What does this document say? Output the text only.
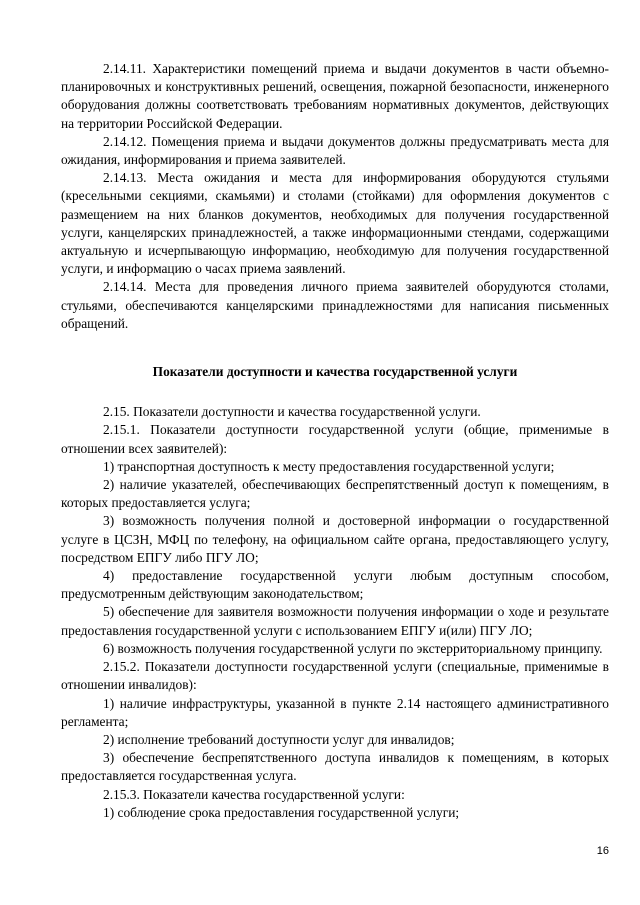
2.14.11. Характеристики помещений приема и выдачи документов в части объемно-планировочных и конструктивных решений, освещения, пожарной безопасности, инженерного оборудования должны соответствовать требованиям нормативных документов, действующих на территории Российской Федерации.

2.14.12. Помещения приема и выдачи документов должны предусматривать места для ожидания, информирования и приема заявителей.

2.14.13. Места ожидания и места для информирования оборудуются стульями (кресельными секциями, скамьями) и столами (стойками) для оформления документов с размещением на них бланков документов, необходимых для получения государственной услуги, канцелярских принадлежностей, а также информационными стендами, содержащими актуальную и исчерпывающую информацию, необходимую для получения государственной услуги, и информацию о часах приема заявлений.

2.14.14. Места для проведения личного приема заявителей оборудуются столами, стульями, обеспечиваются канцелярскими принадлежностями для написания письменных обращений.

Показатели доступности и качества государственной услуги

2.15. Показатели доступности и качества государственной услуги.

2.15.1. Показатели доступности государственной услуги (общие, применимые в отношении всех заявителей):

1) транспортная доступность к месту предоставления государственной услуги;

2) наличие указателей, обеспечивающих беспрепятственный доступ к помещениям, в которых предоставляется услуга;

3) возможность получения полной и достоверной информации о государственной услуге в ЦСЗН, МФЦ по телефону, на официальном сайте органа, предоставляющего услугу, посредством ЕПГУ либо ПГУ ЛО;

4) предоставление государственной услуги любым доступным способом, предусмотренным действующим законодательством;

5) обеспечение для заявителя возможности получения информации о ходе и результате предоставления государственной услуги с использованием ЕПГУ и(или) ПГУ ЛО;

6) возможность получения государственной услуги по экстерриториальному принципу.

2.15.2. Показатели доступности государственной услуги (специальные, применимые в отношении инвалидов):

1) наличие инфраструктуры, указанной в пункте 2.14 настоящего административного регламента;

2) исполнение требований доступности услуг для инвалидов;

3) обеспечение беспрепятственного доступа инвалидов к помещениям, в которых предоставляется государственная услуга.

2.15.3. Показатели качества государственной услуги:

1) соблюдение срока предоставления государственной услуги;

16
